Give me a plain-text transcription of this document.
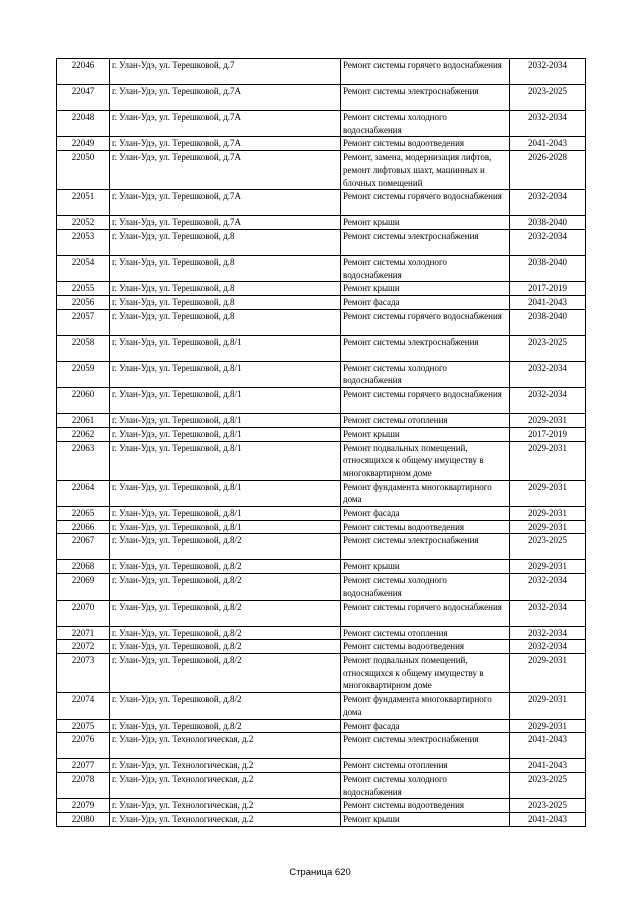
22046	г. Улан-Удэ, ул. Терешковой, д.7	Ремонт системы горячего водоснабжения	2032-2034
22047	г. Улан-Удэ, ул. Терешковой, д.7А	Ремонт системы электроснабжения	2023-2025
22048	г. Улан-Удэ, ул. Терешковой, д.7А	Ремонт системы холодного водоснабжения	2032-2034
22049	г. Улан-Удэ, ул. Терешковой, д.7А	Ремонт системы водоотведения	2041-2043
22050	г. Улан-Удэ, ул. Терешковой, д.7А	Ремонт, замена, модернизация лифтов, ремонт лифтовых шахт, машинных и блочных помещений	2026-2028
22051	г. Улан-Удэ, ул. Терешковой, д.7А	Ремонт системы горячего водоснабжения	2032-2034
22052	г. Улан-Удэ, ул. Терешковой, д.7А	Ремонт крыши	2038-2040
22053	г. Улан-Удэ, ул. Терешковой, д.8	Ремонт системы электроснабжения	2032-2034
22054	г. Улан-Удэ, ул. Терешковой, д.8	Ремонт системы холодного водоснабжения	2038-2040
22055	г. Улан-Удэ, ул. Терешковой, д.8	Ремонт крыши	2017-2019
22056	г. Улан-Удэ, ул. Терешковой, д.8	Ремонт фасада	2041-2043
22057	г. Улан-Удэ, ул. Терешковой, д.8	Ремонт системы горячего водоснабжения	2038-2040
22058	г. Улан-Удэ, ул. Терешковой, д.8/1	Ремонт системы электроснабжения	2023-2025
22059	г. Улан-Удэ, ул. Терешковой, д.8/1	Ремонт системы холодного водоснабжения	2032-2034
22060	г. Улан-Удэ, ул. Терешковой, д.8/1	Ремонт системы горячего водоснабжения	2032-2034
22061	г. Улан-Удэ, ул. Терешковой, д.8/1	Ремонт системы отопления	2029-2031
22062	г. Улан-Удэ, ул. Терешковой, д.8/1	Ремонт крыши	2017-2019
22063	г. Улан-Удэ, ул. Терешковой, д.8/1	Ремонт подвальных помещений, относящихся к общему имуществу в многоквартирном доме	2029-2031
22064	г. Улан-Удэ, ул. Терешковой, д.8/1	Ремонт фундамента многоквартирного дома	2029-2031
22065	г. Улан-Удэ, ул. Терешковой, д.8/1	Ремонт фасада	2029-2031
22066	г. Улан-Удэ, ул. Терешковой, д.8/1	Ремонт системы водоотведения	2029-2031
22067	г. Улан-Удэ, ул. Терешковой, д.8/2	Ремонт системы электроснабжения	2023-2025
22068	г. Улан-Удэ, ул. Терешковой, д.8/2	Ремонт крыши	2029-2031
22069	г. Улан-Удэ, ул. Терешковой, д.8/2	Ремонт системы холодного водоснабжения	2032-2034
22070	г. Улан-Удэ, ул. Терешковой, д.8/2	Ремонт системы горячего водоснабжения	2032-2034
22071	г. Улан-Удэ, ул. Терешковой, д.8/2	Ремонт системы отопления	2032-2034
22072	г. Улан-Удэ, ул. Терешковой, д.8/2	Ремонт системы водоотведения	2032-2034
22073	г. Улан-Удэ, ул. Терешковой, д.8/2	Ремонт подвальных помещений, относящихся к общему имуществу в многоквартирном доме	2029-2031
22074	г. Улан-Удэ, ул. Терешковой, д.8/2	Ремонт фундамента многоквартирного дома	2029-2031
22075	г. Улан-Удэ, ул. Терешковой, д.8/2	Ремонт фасада	2029-2031
22076	г. Улан-Удэ, ул. Технологическая, д.2	Ремонт системы электроснабжения	2041-2043
22077	г. Улан-Удэ, ул. Технологическая, д.2	Ремонт системы отопления	2041-2043
22078	г. Улан-Удэ, ул. Технологическая, д.2	Ремонт системы холодного водоснабжения	2023-2025
22079	г. Улан-Удэ, ул. Технологическая, д.2	Ремонт системы водоотведения	2023-2025
22080	г. Улан-Удэ, ул. Технологическая, д.2	Ремонт крыши	2041-2043
Страница 620
